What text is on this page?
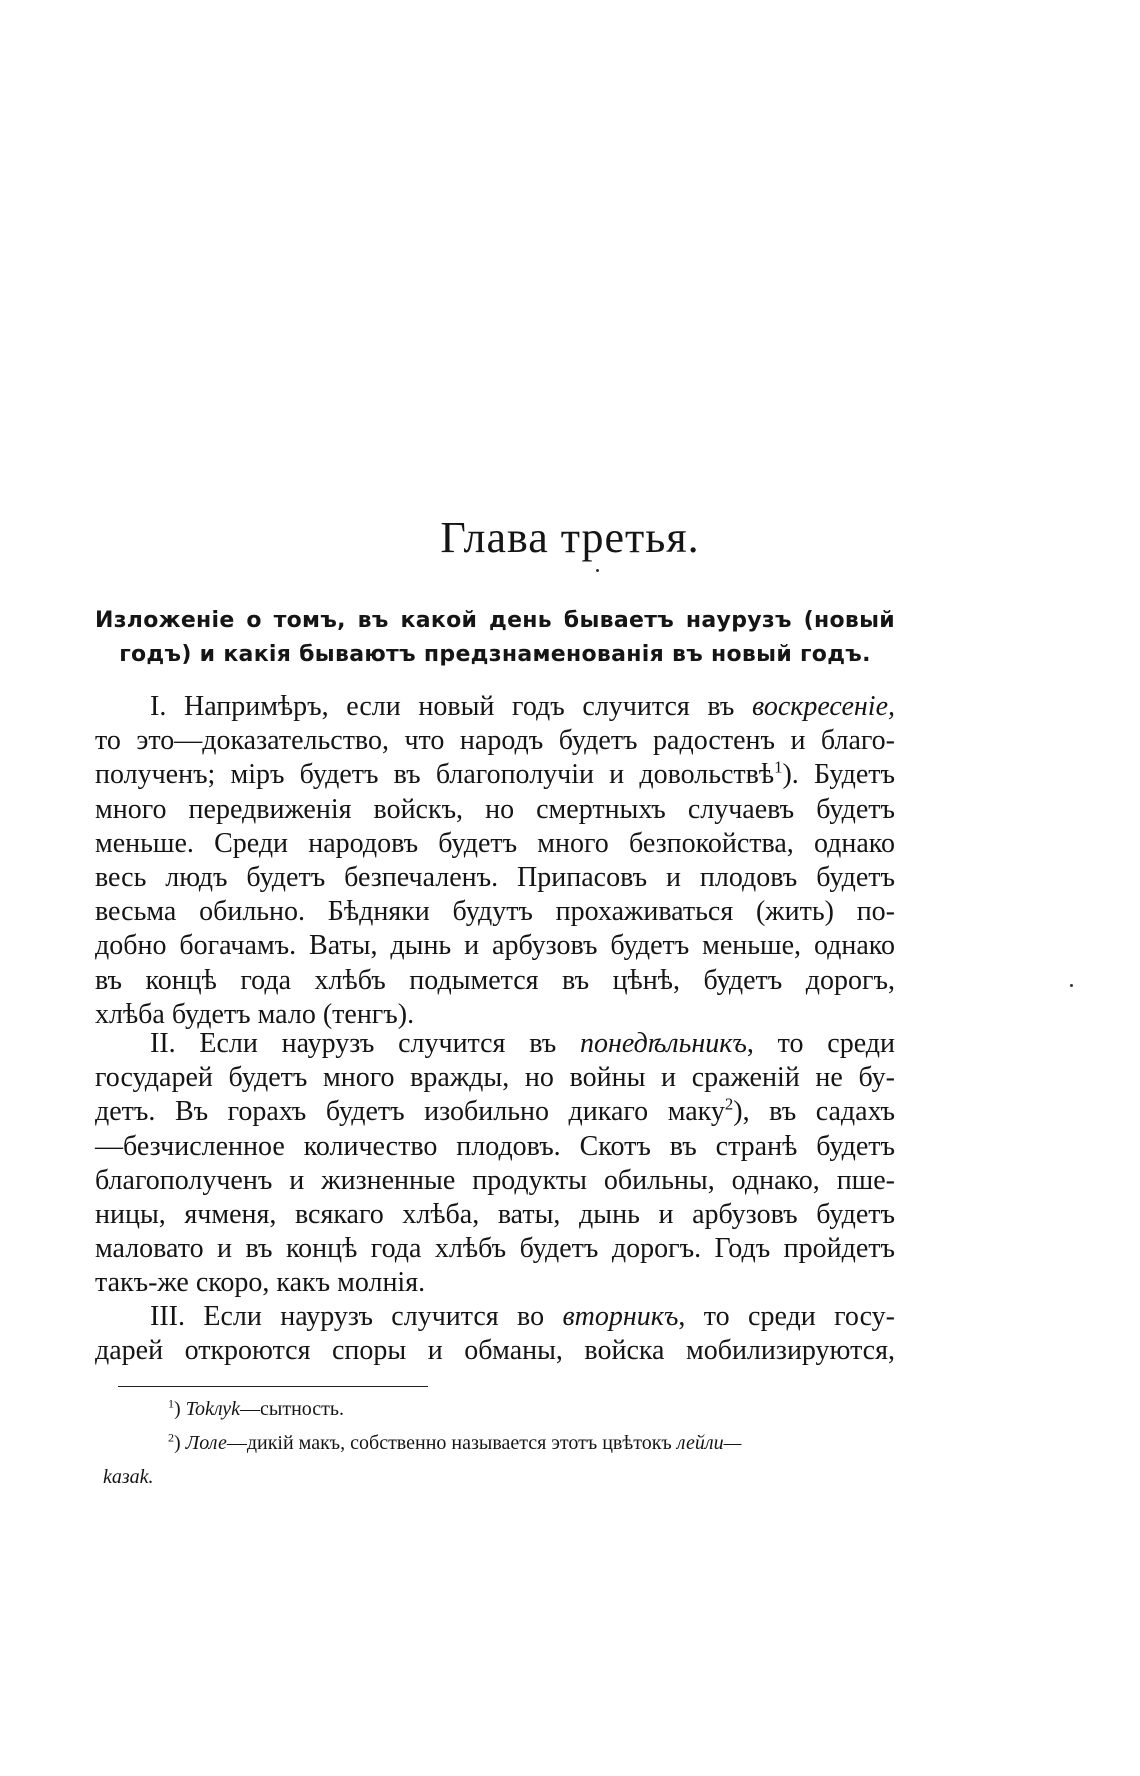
Глава третья.
Изложеніе о томъ, въ какой день бываетъ наурузъ (новый
годъ) и какія бываютъ предзнаменованія въ новый годъ.
I. Напримѣръ, если новый годъ случится въ воскресеніе,
то это—доказательство, что народъ будетъ радостенъ и благо-
полученъ; міръ будетъ въ благополучіи и довольствѣ$^1$). Будетъ
много передвиженія войскъ, но смертныхъ случаевъ будетъ
меньше. Среди народовъ будетъ много безпокойства, однако
весь людъ будетъ безпечаленъ. Припасовъ и плодовъ будетъ
весьма обильно. Бѣдняки будутъ прохаживаться (жить) по-
добно богачамъ. Ваты, дынь и арбузовъ будетъ меньше, однако
въ концѣ года хлѣбъ подымется въ цѣнѣ, будетъ дорогъ,
хлѣба будетъ мало (тенгъ).
II. Если наурузъ случится въ понедѣльникъ, то среди
государей будетъ много вражды, но войны и сраженій не бу-
детъ. Въ горахъ будетъ изобильно дикаго маку$^2$), въ садахъ
—безчисленное количество плодовъ. Скотъ въ странѣ будетъ
благополученъ и жизненные продукты обильны, однако, пше-
ницы, ячменя, всякаго хлѣба, ваты, дынь и арбузовъ будетъ
маловато и въ концѣ года хлѣбъ будетъ дорогъ. Годъ пройдетъ
такъ-же скоро, какъ молнія.
III. Если наурузъ случится во вторникъ, то среди госу-
дарей откроются споры и обманы, войска мобилизируются,
$^1$) Tokлуk—сытность.
$^2$) Лоле—дикій макъ, собственно называется этотъ цвѣтокъ лейли—
kазаk.
